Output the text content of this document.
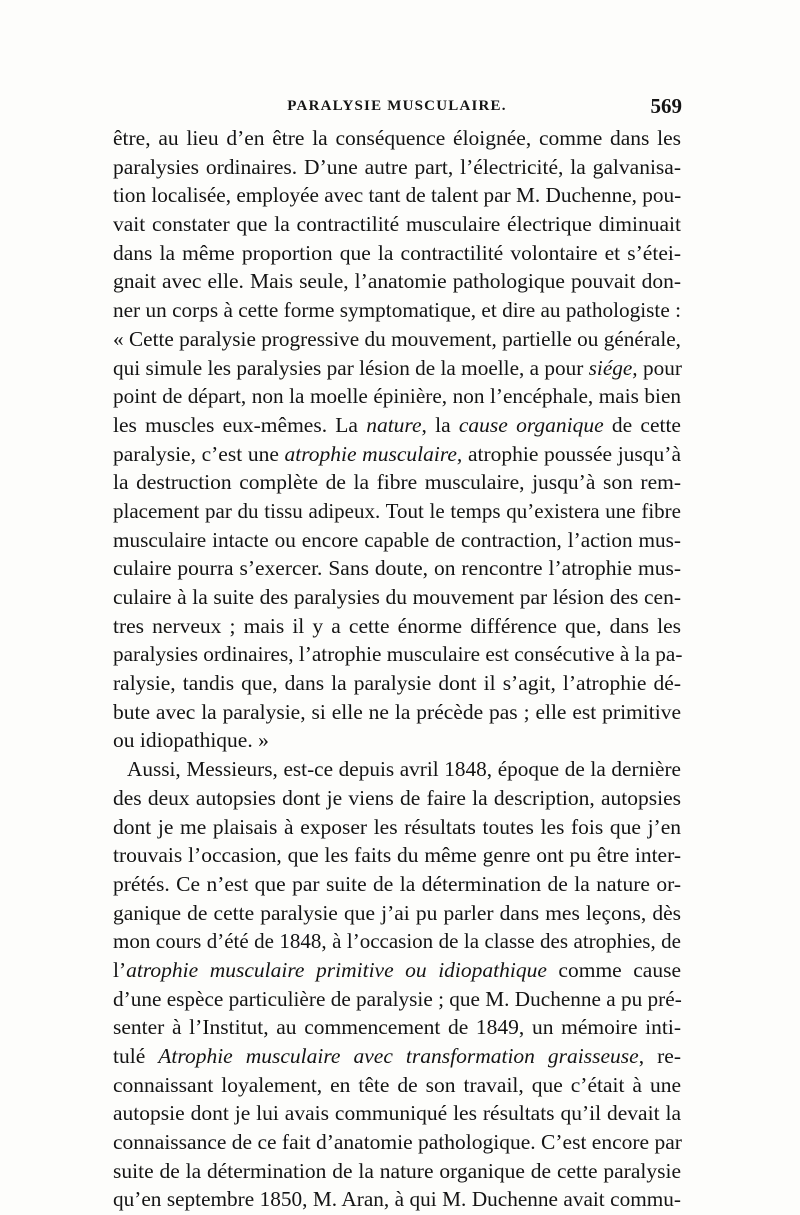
PARALYSIE MUSCULAIRE.	569
être, au lieu d’en être la conséquence éloignée, comme dans les
paralysies ordinaires. D’une autre part, l’électricité, la galvanisa-
tion localisée, employée avec tant de talent par M. Duchenne, pou-
vait constater que la contractilité musculaire électrique diminuait
dans la même proportion que la contractilité volontaire et s’étei-
gnait avec elle. Mais seule, l’anatomie pathologique pouvait don-
ner un corps à cette forme symptomatique, et dire au pathologiste :
« Cette paralysie progressive du mouvement, partielle ou générale,
qui simule les paralysies par lésion de la moelle, a pour siége, pour
point de départ, non la moelle épinière, non l’encéphale, mais bien
les muscles eux-mêmes. La nature, la cause organique de cette
paralysie, c’est une atrophie musculaire, atrophie poussée jusqu’à
la destruction complète de la fibre musculaire, jusqu’à son rem-
placement par du tissu adipeux. Tout le temps qu’existera une fibre
musculaire intacte ou encore capable de contraction, l’action mus-
culaire pourra s’exercer. Sans doute, on rencontre l’atrophie mus-
culaire à la suite des paralysies du mouvement par lésion des cen-
tres nerveux ; mais il y a cette énorme différence que, dans les
paralysies ordinaires, l’atrophie musculaire est consécutive à la pa-
ralysie, tandis que, dans la paralysie dont il s’agit, l’atrophie dé-
bute avec la paralysie, si elle ne la précède pas ; elle est primitive
ou idiopathique. »
Aussi, Messieurs, est-ce depuis avril 1848, époque de la dernière
des deux autopsies dont je viens de faire la description, autopsies
dont je me plaisais à exposer les résultats toutes les fois que j’en
trouvais l’occasion, que les faits du même genre ont pu être inter-
prétés. Ce n’est que par suite de la détermination de la nature or-
ganique de cette paralysie que j’ai pu parler dans mes leçons, dès
mon cours d’été de 1848, à l’occasion de la classe des atrophies, de
l’atrophie musculaire primitive ou idiopathique comme cause
d’une espèce particulière de paralysie ; que M. Duchenne a pu pré-
senter à l’Institut, au commencement de 1849, un mémoire inti-
tulé Atrophie musculaire avec transformation graisseuse, re-
connaissant loyalement, en tête de son travail, que c’était à une
autopsie dont je lui avais communiqué les résultats qu’il devait la
connaissance de ce fait d’anatomie pathologique. C’est encore par
suite de la détermination de la nature organique de cette paralysie
qu’en septembre 1850, M. Aran, à qui M. Duchenne avait commu-
